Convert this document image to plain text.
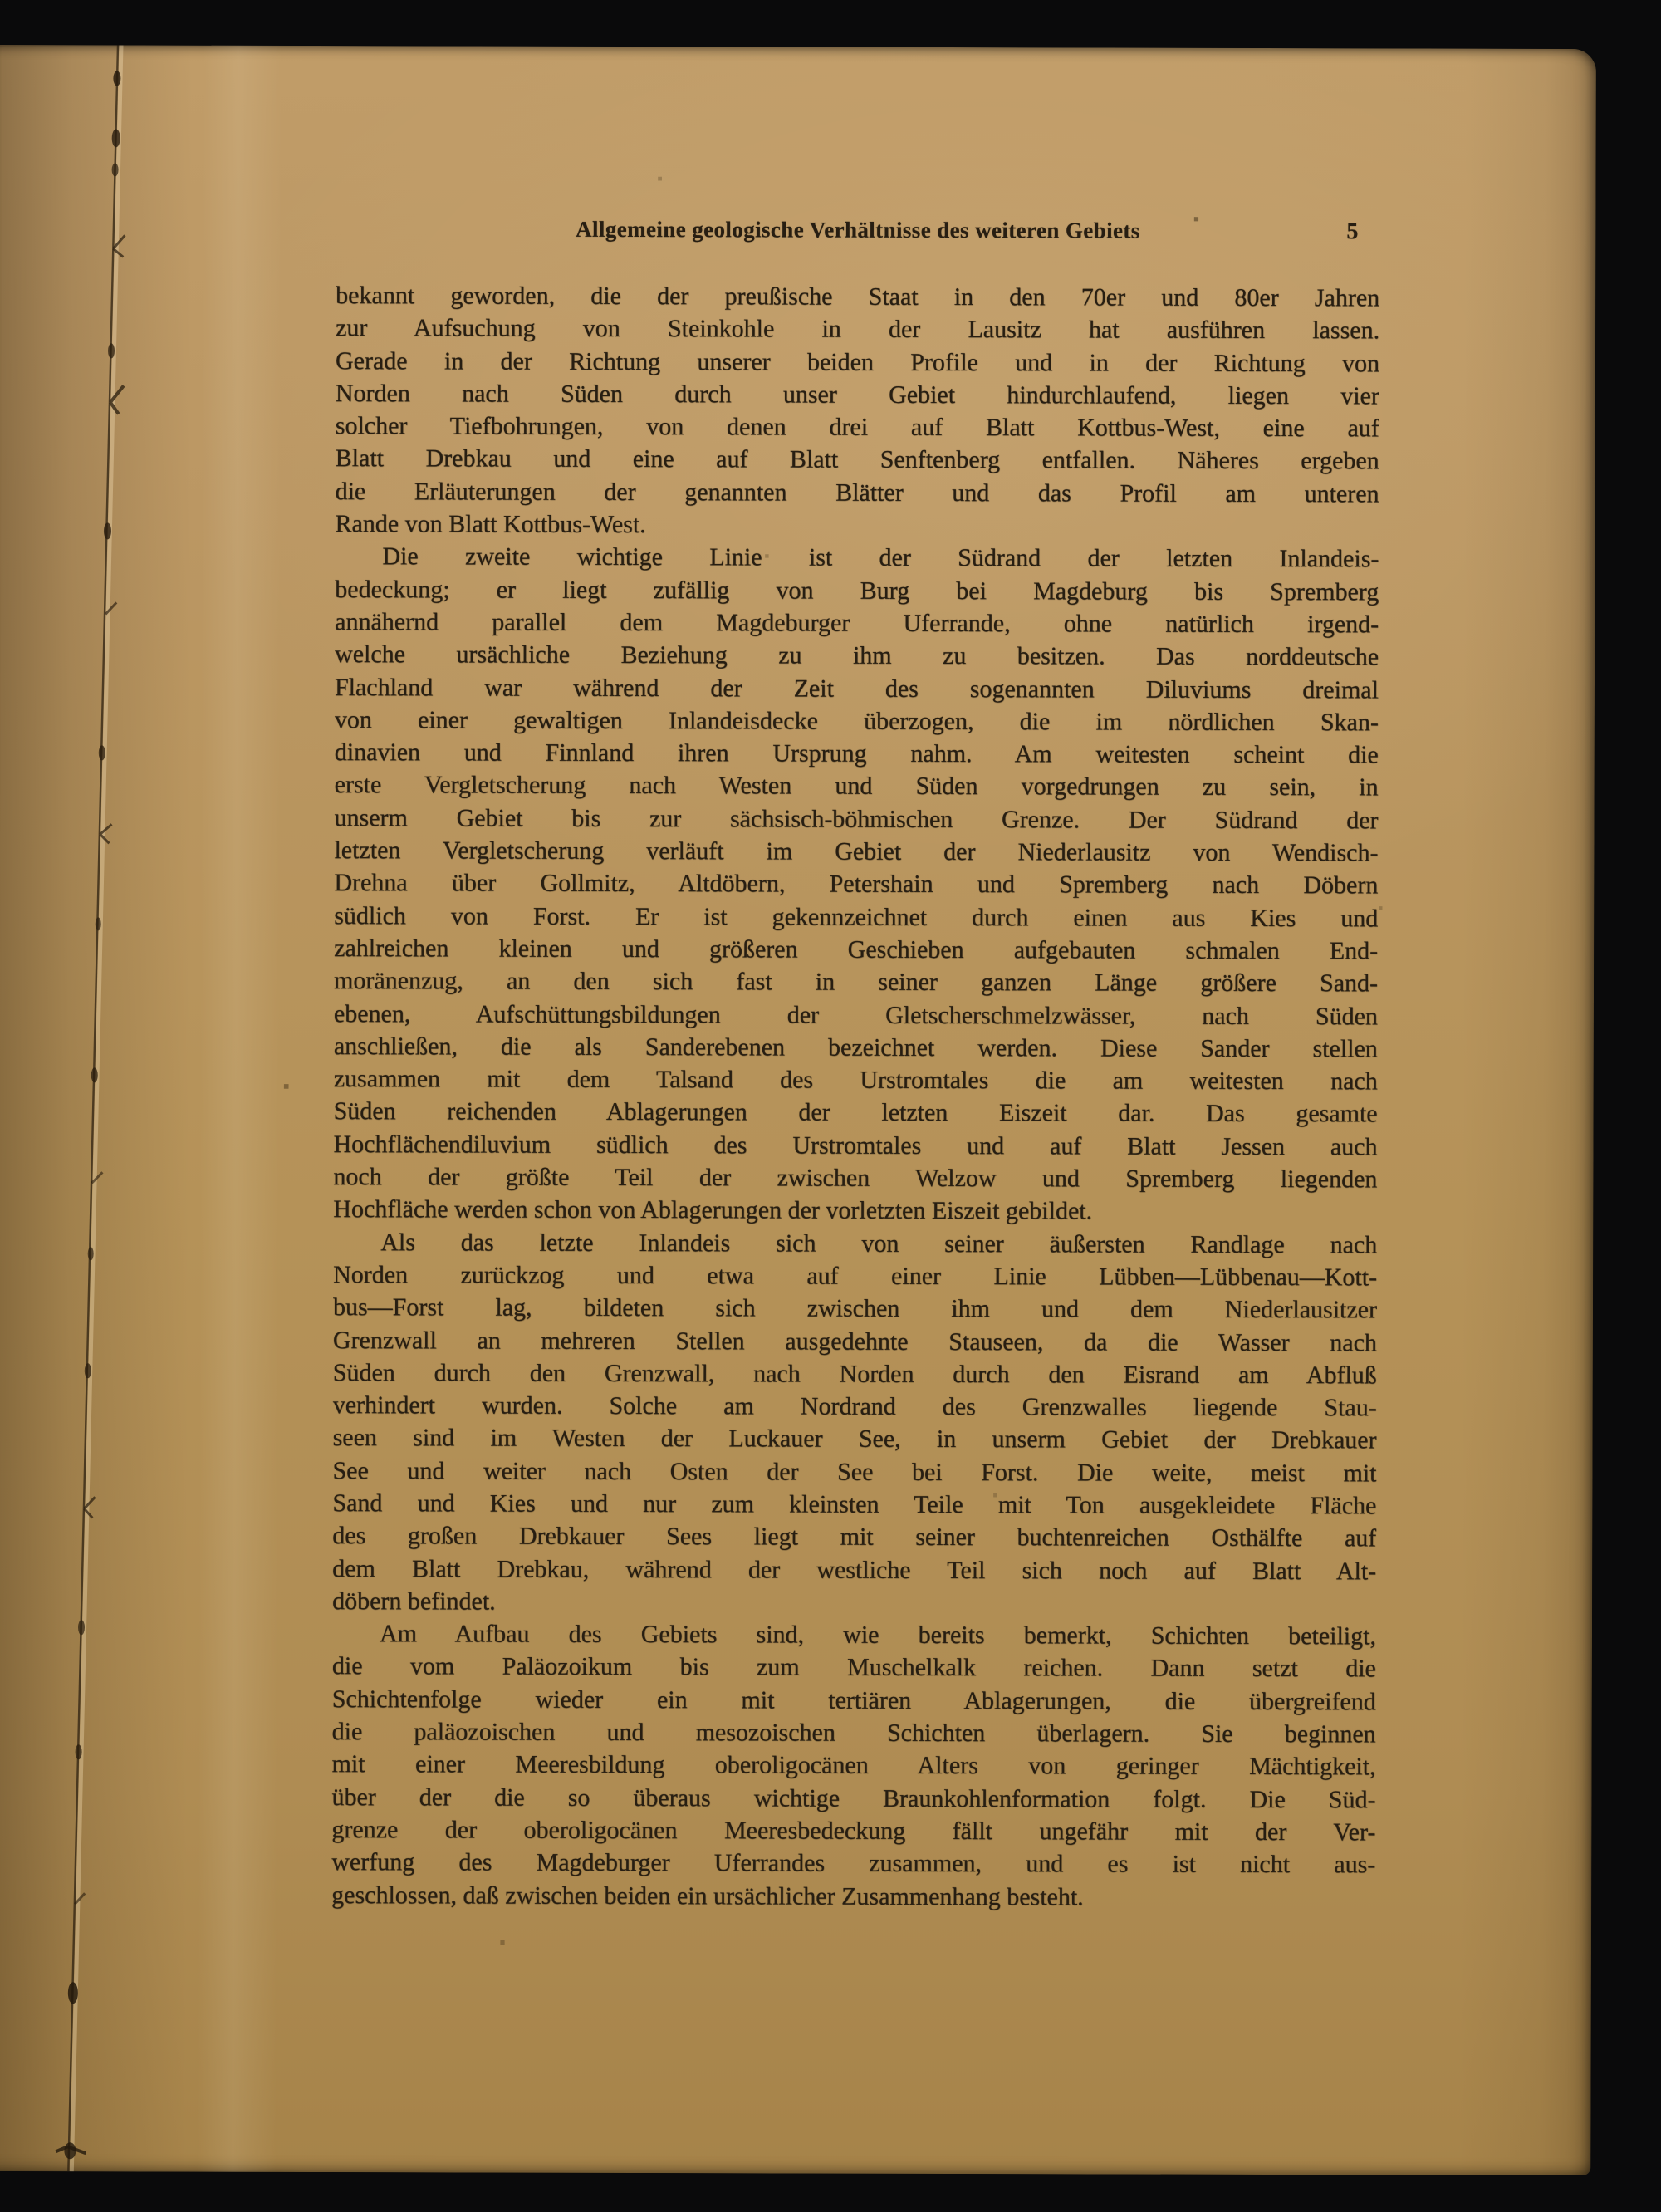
Allgemeine geologische Verhältnisse des weiteren Gebiets	5
bekannt geworden, die der preußische Staat in den 70er und 80er Jahren
zur Aufsuchung von Steinkohle in der Lausitz hat ausführen lassen.
Gerade in der Richtung unserer beiden Profile und in der Richtung von
Norden nach Süden durch unser Gebiet hindurchlaufend, liegen vier
solcher Tiefbohrungen, von denen drei auf Blatt Kottbus-West, eine auf
Blatt Drebkau und eine auf Blatt Senftenberg entfallen. Näheres ergeben
die Erläuterungen der genannten Blätter und das Profil am unteren
Rande von Blatt Kottbus-West.
Die zweite wichtige Linie ist der Südrand der letzten Inlandeis-
bedeckung; er liegt zufällig von Burg bei Magdeburg bis Spremberg
annähernd parallel dem Magdeburger Uferrande, ohne natürlich irgend-
welche ursächliche Beziehung zu ihm zu besitzen. Das norddeutsche
Flachland war während der Zeit des sogenannten Diluviums dreimal
von einer gewaltigen Inlandeisdecke überzogen, die im nördlichen Skan-
dinavien und Finnland ihren Ursprung nahm. Am weitesten scheint die
erste Vergletscherung nach Westen und Süden vorgedrungen zu sein, in
unserm Gebiet bis zur sächsisch-böhmischen Grenze. Der Südrand der
letzten Vergletscherung verläuft im Gebiet der Niederlausitz von Wendisch-
Drehna über Gollmitz, Altdöbern, Petershain und Spremberg nach Döbern
südlich von Forst. Er ist gekennzeichnet durch einen aus Kies und
zahlreichen kleinen und größeren Geschieben aufgebauten schmalen End-
moränenzug, an den sich fast in seiner ganzen Länge größere Sand-
ebenen, Aufschüttungsbildungen der Gletscherschmelzwässer, nach Süden
anschließen, die als Sanderebenen bezeichnet werden. Diese Sander stellen
zusammen mit dem Talsand des Urstromtales die am weitesten nach
Süden reichenden Ablagerungen der letzten Eiszeit dar. Das gesamte
Hochflächendiluvium südlich des Urstromtales und auf Blatt Jessen auch
noch der größte Teil der zwischen Welzow und Spremberg liegenden
Hochfläche werden schon von Ablagerungen der vorletzten Eiszeit gebildet.
Als das letzte Inlandeis sich von seiner äußersten Randlage nach
Norden zurückzog und etwa auf einer Linie Lübben—Lübbenau—Kott-
bus—Forst lag, bildeten sich zwischen ihm und dem Niederlausitzer
Grenzwall an mehreren Stellen ausgedehnte Stauseen, da die Wasser nach
Süden durch den Grenzwall, nach Norden durch den Eisrand am Abfluß
verhindert wurden. Solche am Nordrand des Grenzwalles liegende Stau-
seen sind im Westen der Luckauer See, in unserm Gebiet der Drebkauer
See und weiter nach Osten der See bei Forst. Die weite, meist mit
Sand und Kies und nur zum kleinsten Teile mit Ton ausgekleidete Fläche
des großen Drebkauer Sees liegt mit seiner buchtenreichen Osthälfte auf
dem Blatt Drebkau, während der westliche Teil sich noch auf Blatt Alt-
döbern befindet.
Am Aufbau des Gebiets sind, wie bereits bemerkt, Schichten beteiligt,
die vom Paläozoikum bis zum Muschelkalk reichen. Dann setzt die
Schichtenfolge wieder ein mit tertiären Ablagerungen, die übergreifend
die paläozoischen und mesozoischen Schichten überlagern. Sie beginnen
mit einer Meeresbildung oberoligocänen Alters von geringer Mächtigkeit,
über der die so überaus wichtige Braunkohlenformation folgt. Die Süd-
grenze der oberoligocänen Meeresbedeckung fällt ungefähr mit der Ver-
werfung des Magdeburger Uferrandes zusammen, und es ist nicht aus-
geschlossen, daß zwischen beiden ein ursächlicher Zusammenhang besteht.
